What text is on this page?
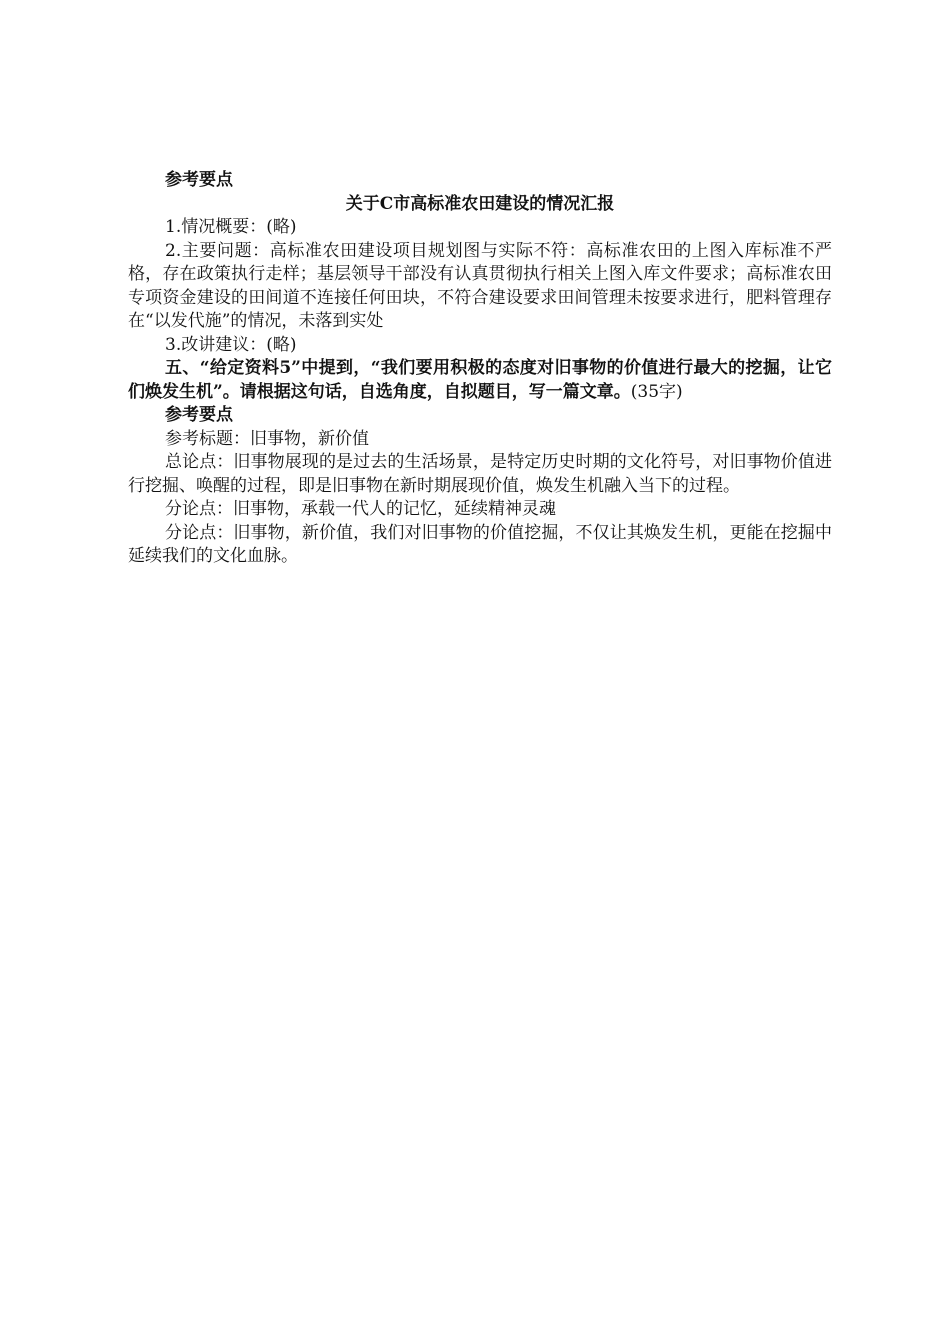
参考要点

关于C市高标准农田建设的情况汇报

1.情况概要：(略)

2.主要问题：高标准农田建设项目规划图与实际不符：高标准农田的上图入库标准不严格，存在政策执行走样；基层领导干部没有认真贯彻执行相关上图入库文件要求；高标准农田专项资金建设的田间道不连接任何田块，不符合建设要求田间管理未按要求进行，肥料管理存在“以发代施”的情况，未落到实处

3.改讲建议：(略)

五、“给定资料5”中提到，“我们要用积极的态度对旧事物的价值进行最大的挖掘，让它们焕发生机”。请根据这句话，自选角度，自拟题目，写一篇文章。(35字)

参考要点

参考标题：旧事物，新价值

总论点：旧事物展现的是过去的生活场景，是特定历史时期的文化符号，对旧事物价值进行挖掘、唤醒的过程，即是旧事物在新时期展现价值，焕发生机融入当下的过程。

分论点：旧事物，承载一代人的记忆，延续精神灵魂

分论点：旧事物，新价值，我们对旧事物的价值挖掘，不仅让其焕发生机，更能在挖掘中延续我们的文化血脉。
